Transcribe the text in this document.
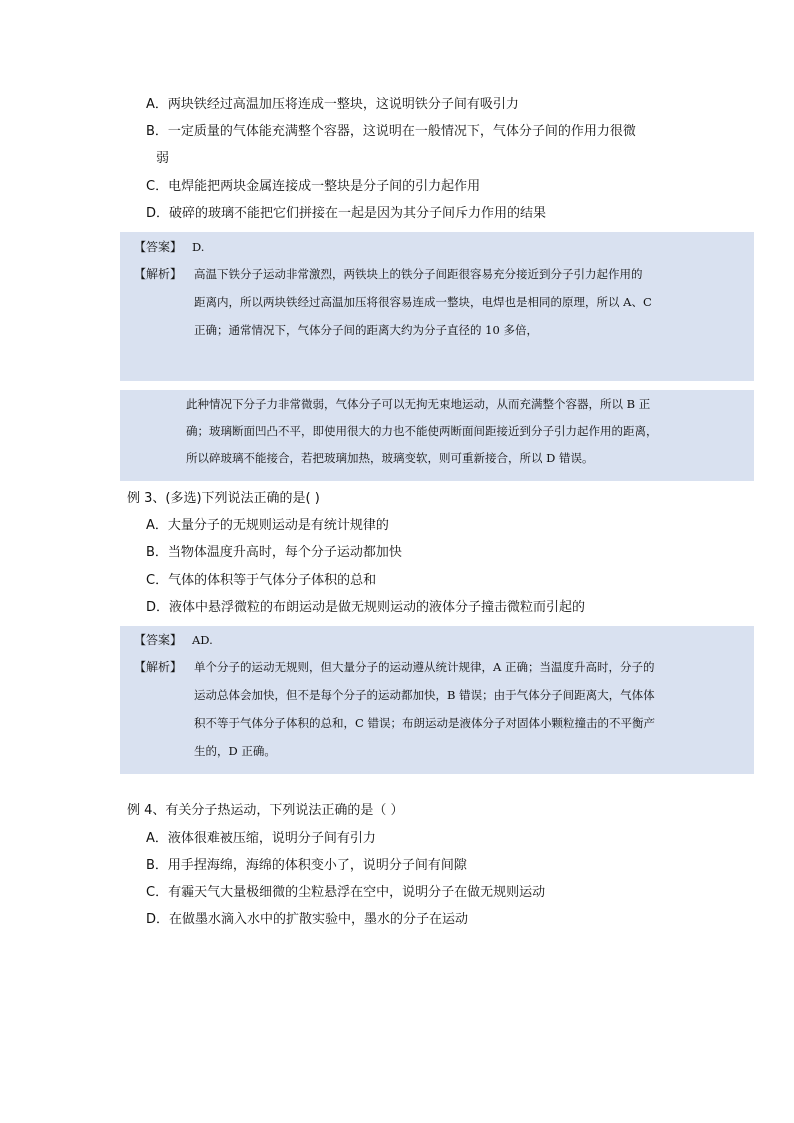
A．两块铁经过高温加压将连成一整块，这说明铁分子间有吸引力
B．一定质量的气体能充满整个容器，这说明在一般情况下，气体分子间的作用力很微
弱
C．电焊能把两块金属连接成一整块是分子间的引力起作用
D．破碎的玻璃不能把它们拼接在一起是因为其分子间斥力作用的结果
【答案】 D.
【解析】 高温下铁分子运动非常激烈，两铁块上的铁分子间距很容易充分接近到分子引力起作用的
距离内，所以两块铁经过高温加压将很容易连成一整块，电焊也是相同的原理，所以 A、C
正确；通常情况下，气体分子间的距离大约为分子直径的 10 多倍，
此种情况下分子力非常微弱，气体分子可以无拘无束地运动，从而充满整个容器，所以 B 正
确；玻璃断面凹凸不平，即使用很大的力也不能使两断面间距接近到分子引力起作用的距离，
所以碎玻璃不能接合，若把玻璃加热，玻璃变软，则可重新接合，所以 D 错误。
例 3、(多选)下列说法正确的是( )
A．大量分子的无规则运动是有统计规律的
B．当物体温度升高时，每个分子运动都加快
C．气体的体积等于气体分子体积的总和
D．液体中悬浮微粒的布朗运动是做无规则运动的液体分子撞击微粒而引起的
【答案】 AD.
【解析】 单个分子的运动无规则，但大量分子的运动遵从统计规律，A 正确；当温度升高时，分子的
运动总体会加快，但不是每个分子的运动都加快，B 错误；由于气体分子间距离大，气体体
积不等于气体分子体积的总和，C 错误；布朗运动是液体分子对固体小颗粒撞击的不平衡产
生的，D 正确。
例 4、有关分子热运动，下列说法正确的是（ ）
A．液体很难被压缩，说明分子间有引力
B．用手捏海绵，海绵的体积变小了，说明分子间有间隙
C．有霾天气大量极细微的尘粒悬浮在空中，说明分子在做无规则运动
D．在做墨水滴入水中的扩散实验中，墨水的分子在运动
